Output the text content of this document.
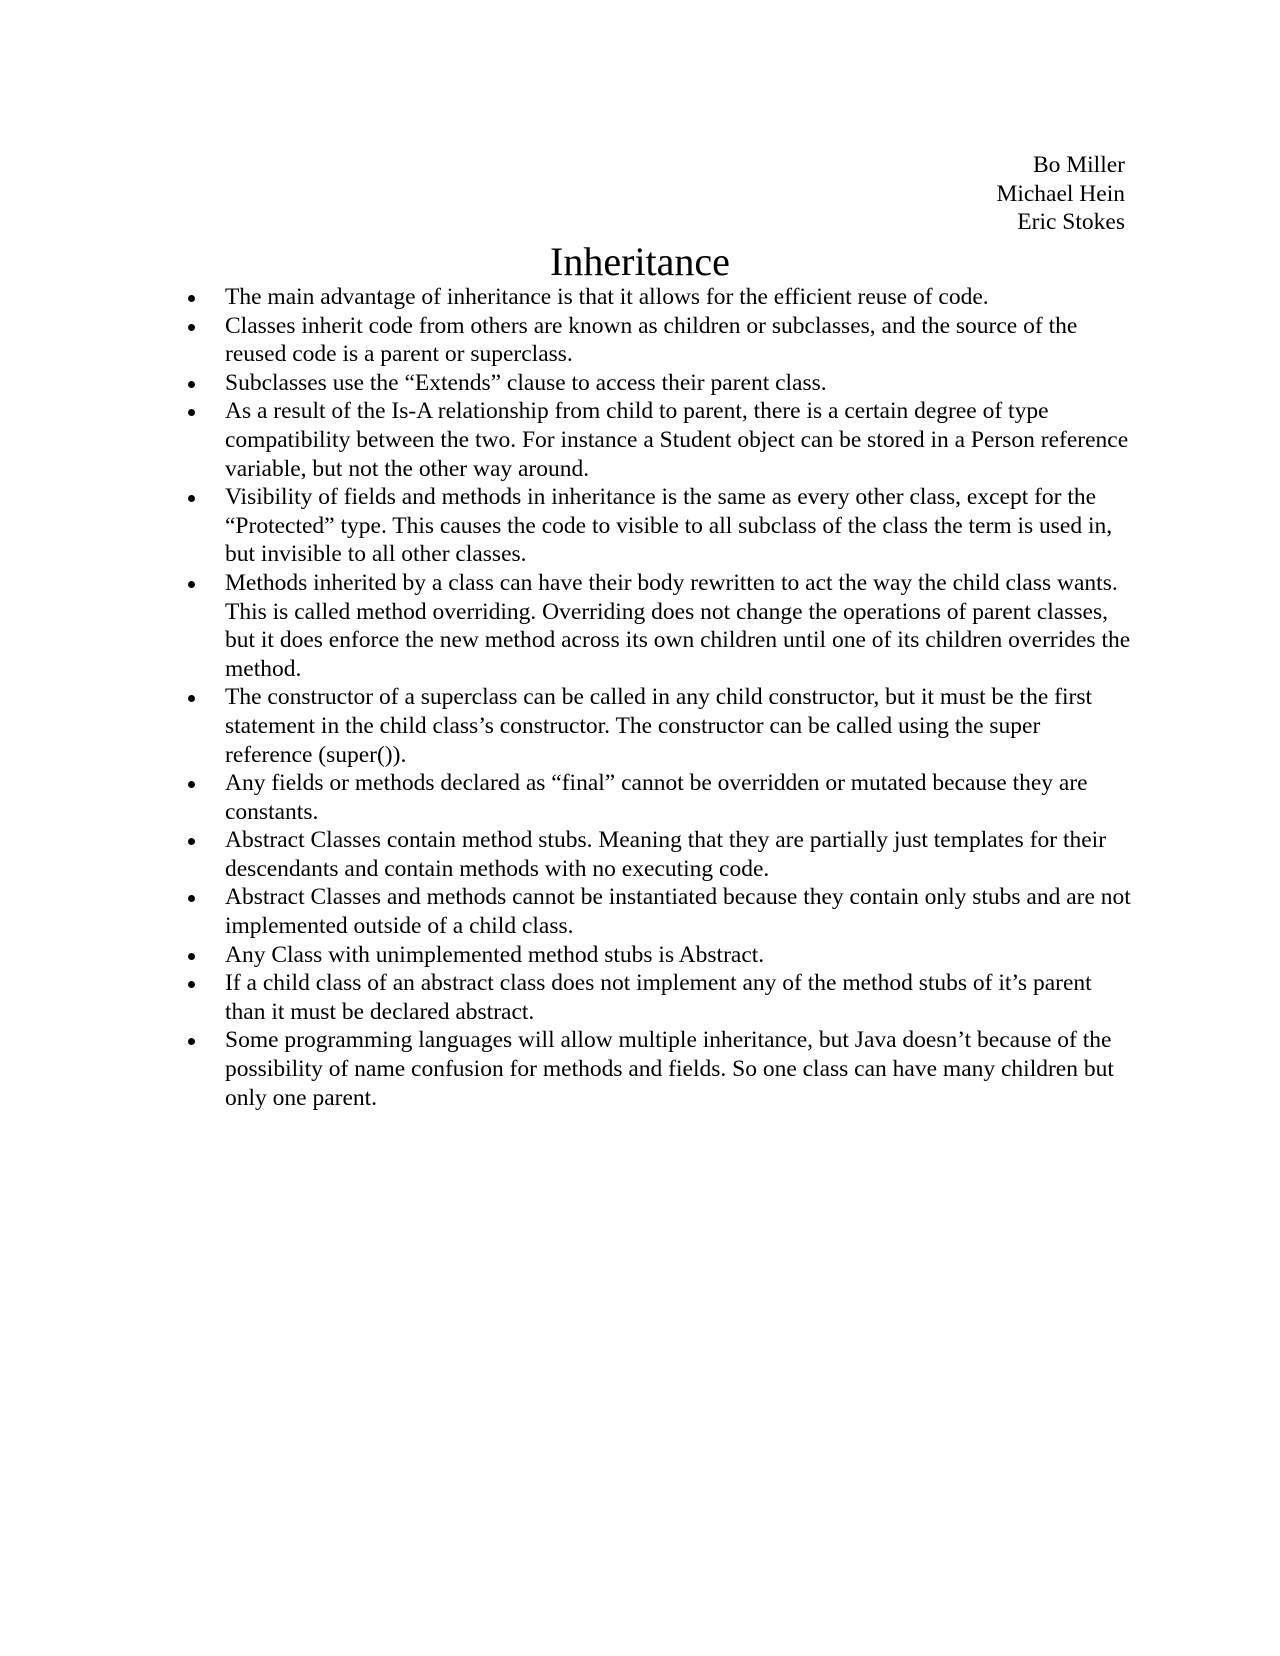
Bo Miller
Michael Hein
Eric Stokes
Inheritance
The main advantage of inheritance is that it allows for the efficient reuse of code.
Classes inherit code from others are known as children or subclasses, and the source of the reused code is a parent or superclass.
Subclasses use the “Extends” clause to access their parent class.
As a result of the Is-A relationship from child to parent, there is a certain degree of type compatibility between the two. For instance a Student object can be stored in a Person reference variable, but not the other way around.
Visibility of fields and methods in inheritance is the same as every other class, except for the “Protected” type. This causes the code to visible to all subclass of the class the term is used in, but invisible to all other classes.
Methods inherited by a class can have their body rewritten to act the way the child class wants. This is called method overriding. Overriding does not change the operations of parent classes, but it does enforce the new method across its own children until one of its children overrides the method.
The constructor of a superclass can be called in any child constructor, but it must be the first statement in the child class’s constructor. The constructor can be called using the super reference (super()).
Any fields or methods declared as “final” cannot be overridden or mutated because they are constants.
Abstract Classes contain method stubs. Meaning that they are partially just templates for their descendants and contain methods with no executing code.
Abstract Classes and methods cannot be instantiated because they contain only stubs and are not implemented outside of a child class.
Any Class with unimplemented method stubs is Abstract.
If a child class of an abstract class does not implement any of the method stubs of it’s parent than it must be declared abstract.
Some programming languages will allow multiple inheritance, but Java doesn’t because of the possibility of name confusion for methods and fields. So one class can have many children but only one parent.
